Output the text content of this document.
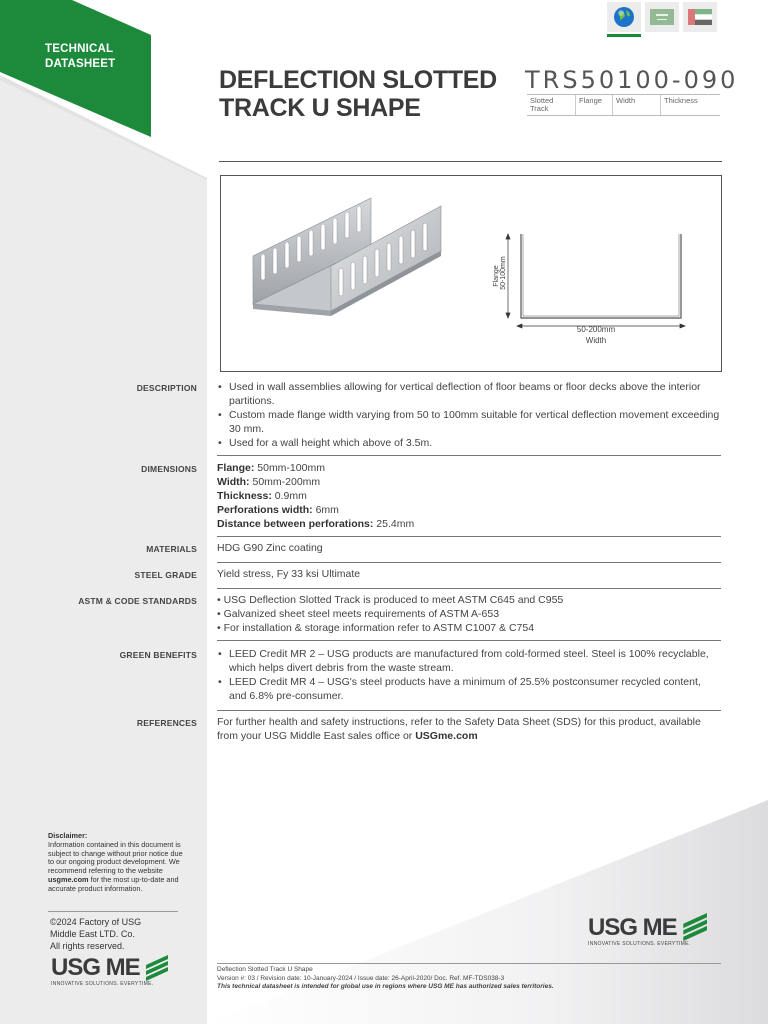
TECHNICAL
DATASHEET
DEFLECTION SLOTTED
TRACK U SHAPE
TRS50100-090
Slotted Track
Flange	Width	Thickness
Flange 50-100mm
50-200mm
Width
DESCRIPTION	• Used in wall assemblies allowing for vertical deflection of floor beams or floor decks above the interior partitions.
• Custom made flange width varying from 50 to 100mm suitable for vertical deflection movement exceeding 30 mm.
• Used for a wall height which above of 3.5m.
DIMENSIONS Flange: 50mm-100mm
Width: 50mm-200mm
Thickness: 0.9mm
Perforations width: 6mm
Distance between perforations: 25.4mm
MATERIALS HDG G90 Zinc coating
STEEL GRADE Yield stress, Fy 33 ksi Ultimate
ASTM & CODE STANDARDS • USG Deflection Slotted Track is produced to meet ASTM C645 and C955
• Galvanized sheet steel meets requirements of ASTM A-653
• For installation & storage information refer to ASTM C1007 & C754
GREEN BENEFITS	• LEED Credit MR 2 – USG products are manufactured from cold-formed steel. Steel is 100% recyclable, which helps divert debris from the waste stream.
• LEED Credit MR 4 – USG's steel products have a minimum of 25.5% postconsumer recycled content, and 6.8% pre-consumer.
REFERENCES For further health and safety instructions, refer to the Safety Data Sheet (SDS) for this product, available from your USG Middle East sales office or USGme.com
Disclaimer:
Information contained in this document is subject to change without prior notice due to our ongoing product development. We recommend referring to the website usgme.com for the most up-to-date and accurate product information.
©2024 Factory of USG
Middle East LTD. Co.
All rights reserved.
USG ME
INNOVATIVE SOLUTIONS. EVERYTIME.
USG ME
INNOVATIVE SOLUTIONS. EVERYTIME.
Deflection Slotted Track U Shape
Version #: 03 / Revision date: 10-January-2024 / Issue date: 26-April-2020/ Doc. Ref. MF-TDS038-3
This technical datasheet is intended for global use in regions where USG ME has authorized sales territories.
